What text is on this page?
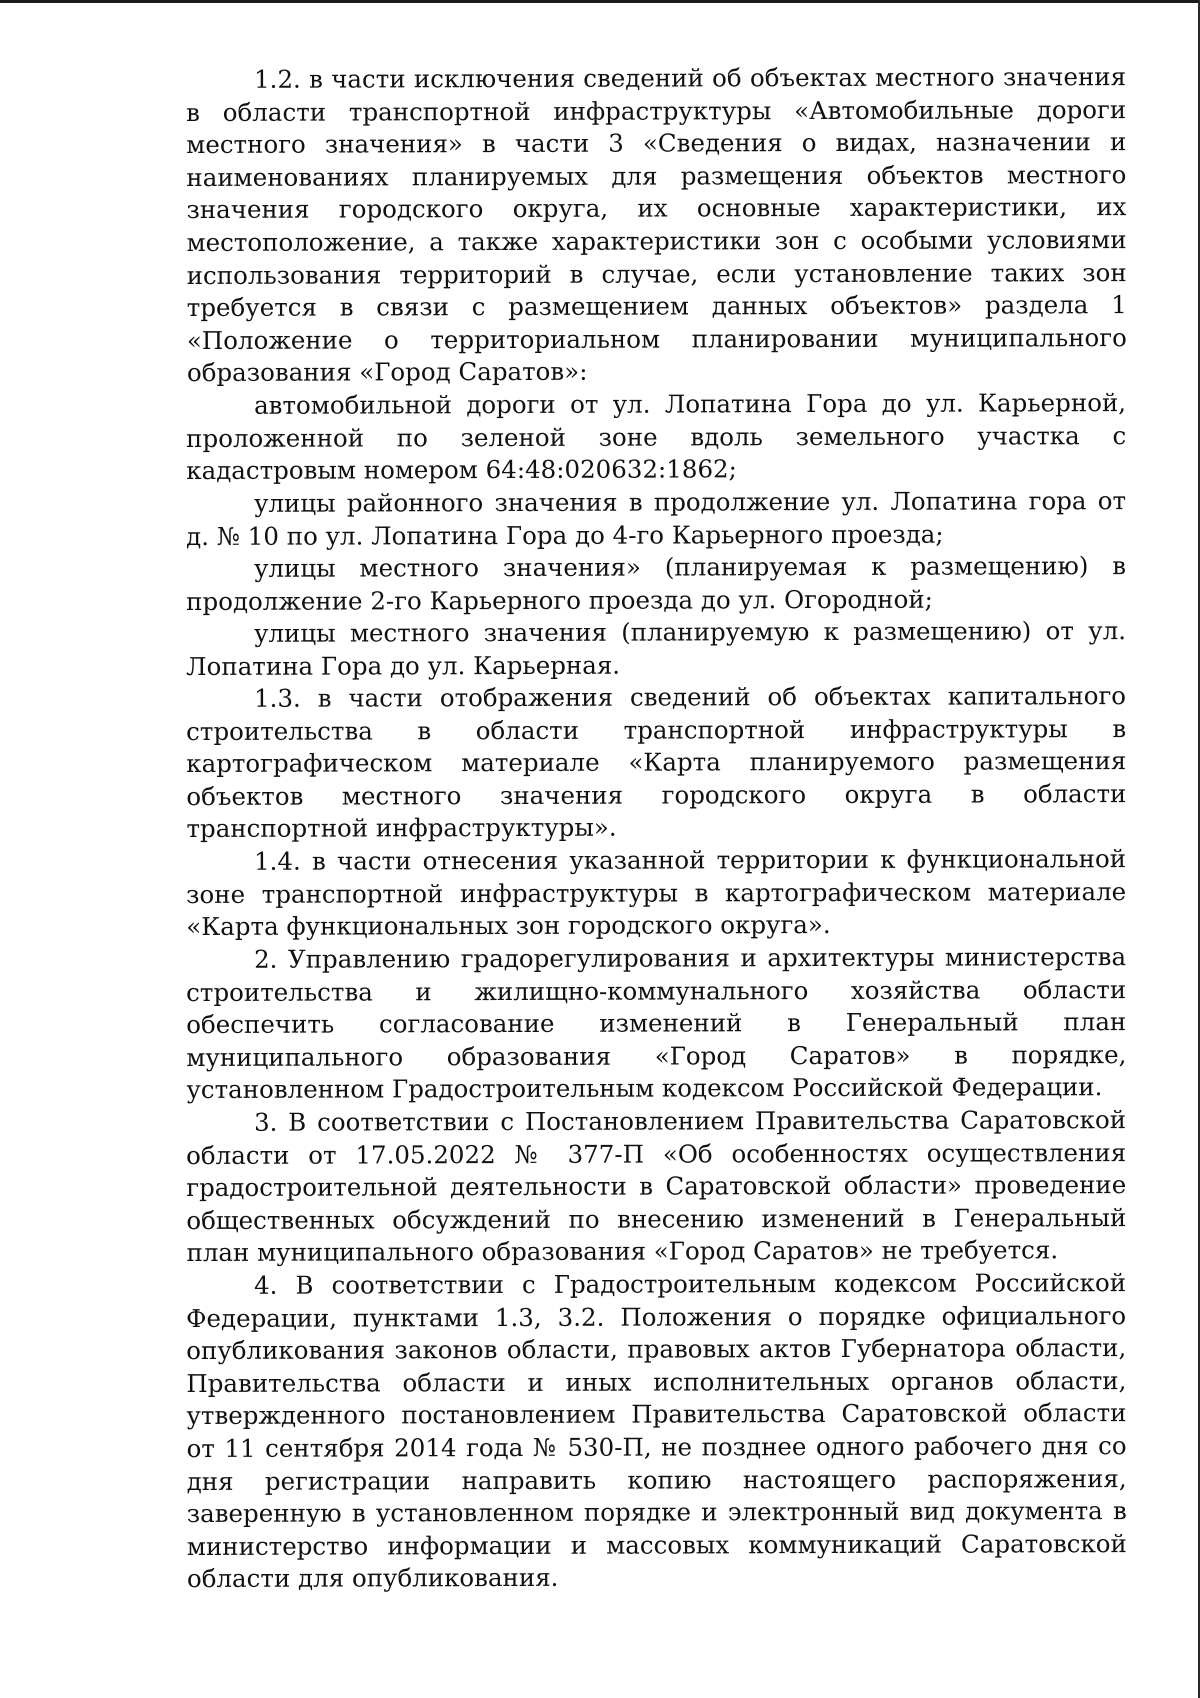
1.2. в части исключения сведений об объектах местного значения в области транспортной инфраструктуры «Автомобильные дороги местного значения» в части 3 «Сведения о видах, назначении и наименованиях планируемых для размещения объектов местного значения городского округа, их основные характеристики, их местоположение, а также характеристики зон с особыми условиями использования территорий в случае, если установление таких зон требуется в связи с размещением данных объектов» раздела 1 «Положение о территориальном планировании муниципального образования «Город Саратов»:

автомобильной дороги от ул. Лопатина Гора до ул. Карьерной, проложенной по зеленой зоне вдоль земельного участка с кадастровым номером 64:48:020632:1862;

улицы районного значения в продолжение ул. Лопатина гора от д. № 10 по ул. Лопатина Гора до 4-го Карьерного проезда;

улицы местного значения» (планируемая к размещению) в продолжение 2-го Карьерного проезда до ул. Огородной;

улицы местного значения (планируемую к размещению) от ул. Лопатина Гора до ул. Карьерная.

1.3. в части отображения сведений об объектах капитального строительства в области транспортной инфраструктуры в картографическом материале «Карта планируемого размещения объектов местного значения городского округа в области транспортной инфраструктуры».

1.4. в части отнесения указанной территории к функциональной зоне транспортной инфраструктуры в картографическом материале «Карта функциональных зон городского округа».

2. Управлению градорегулирования и архитектуры министерства строительства и жилищно-коммунального хозяйства области обеспечить согласование изменений в Генеральный план муниципального образования «Город Саратов» в порядке, установленном Градостроительным кодексом Российской Федерации.

3. В соответствии с Постановлением Правительства Саратовской области от 17.05.2022 № 377-П «Об особенностях осуществления градостроительной деятельности в Саратовской области» проведение общественных обсуждений по внесению изменений в Генеральный план муниципального образования «Город Саратов» не требуется.

4. В соответствии с Градостроительным кодексом Российской Федерации, пунктами 1.3, 3.2. Положения о порядке официального опубликования законов области, правовых актов Губернатора области, Правительства области и иных исполнительных органов области, утвержденного постановлением Правительства Саратовской области от 11 сентября 2014 года № 530-П, не позднее одного рабочего дня со дня регистрации направить копию настоящего распоряжения, заверенную в установленном порядке и электронный вид документа в министерство информации и массовых коммуникаций Саратовской области для опубликования.
